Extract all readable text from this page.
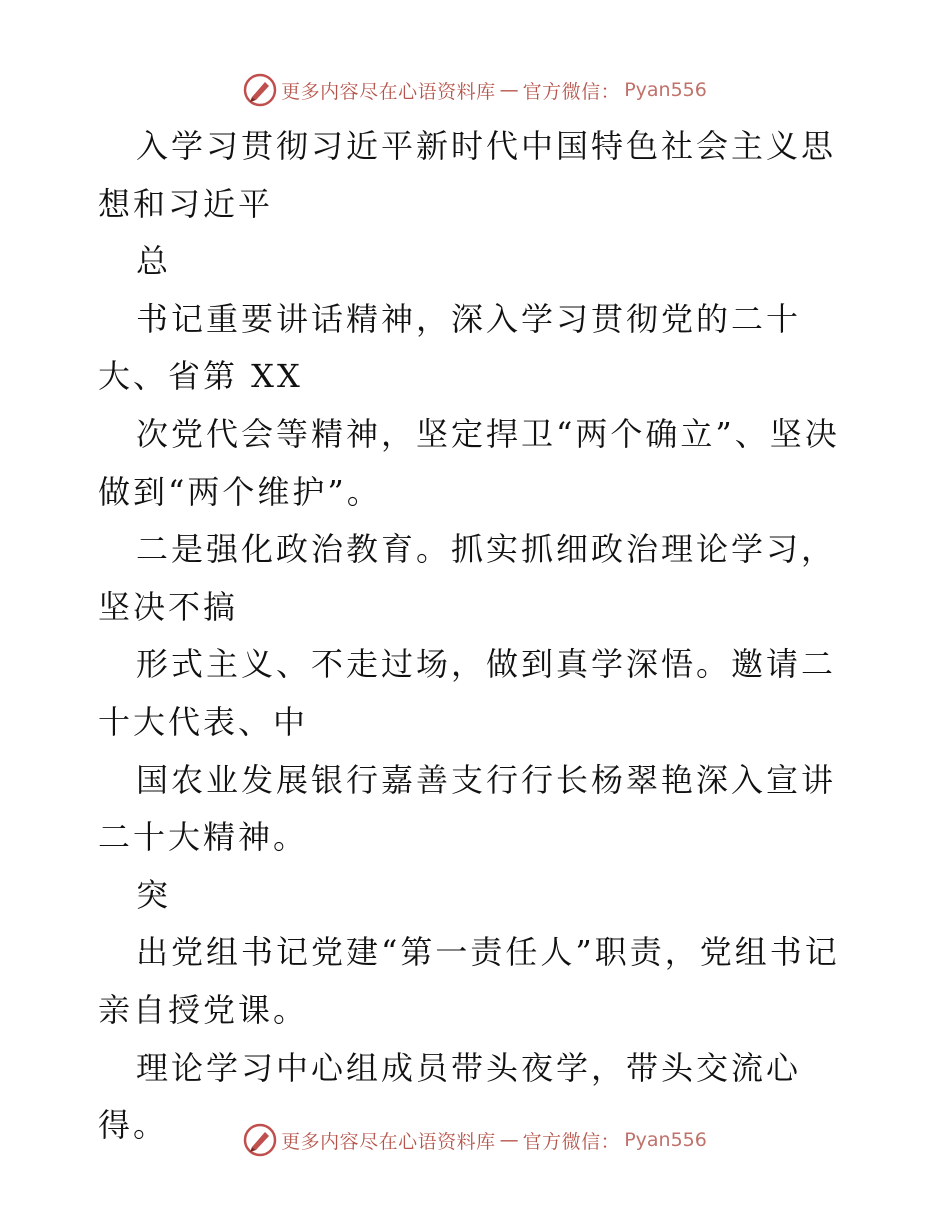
更多内容尽在心语资料库 — 官方微信： Pyan556

入学习贯彻习近平新时代中国特色社会主义思想和习近平

总

书记重要讲话精神，深入学习贯彻党的二十大、省第 XX

次党代会等精神，坚定捍卫“两个确立”、坚决做到“两个维护”。

二是强化政治教育。抓实抓细政治理论学习，坚决不搞

形式主义、不走过场，做到真学深悟。邀请二十大代表、中

国农业发展银行嘉善支行行长杨翠艳深入宣讲二十大精神。

突

出党组书记党建“第一责任人”职责，党组书记亲自授党课。

理论学习中心组成员带头夜学，带头交流心得。	更多内容尽在心语资料库 — 官方微信： Pyan556
